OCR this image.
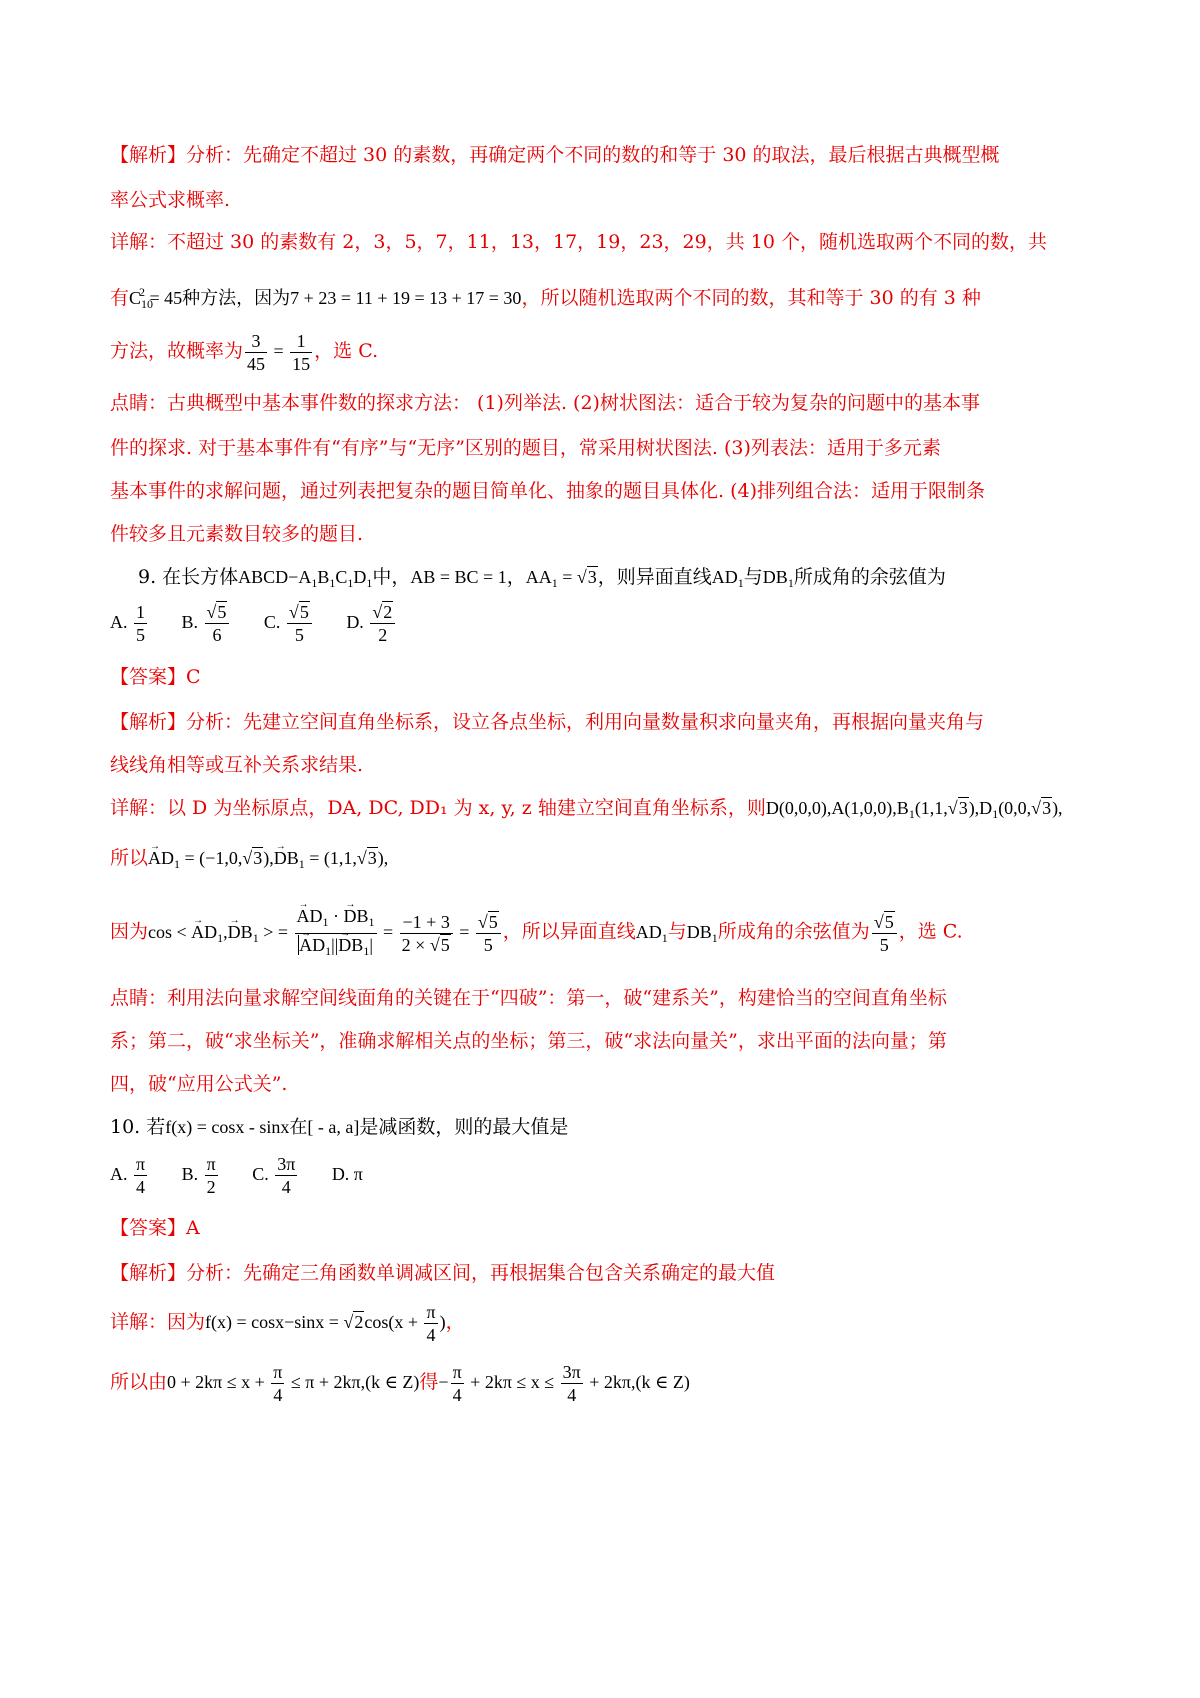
【解析】分析：先确定不超过 30 的素数，再确定两个不同的数的和等于 30 的取法，最后根据古典概型概
率公式求概率.
详解：不超过 30 的素数有 2，3，5，7，11，13，17，19，23，29，共 10 个，随机选取两个不同的数，共
有$C_{10}^2 = 45$种方法，因为7 + 23 = 11 + 19 = 13 + 17 = 30，所以随机选取两个不同的数，其和等于 30 的有 3 种
方法，故概率为 $\frac{3}{45} = \frac{1}{15}$ ，选 C.
点睛：古典概型中基本事件数的探求方法： (1)列举法. (2)树状图法：适合于较为复杂的问题中的基本事
件的探求. 对于基本事件有“有序”与“无序”区别的题目，常采用树状图法. (3)列表法：适用于多元素
基本事件的求解问题，通过列表把复杂的题目简单化、抽象的题目具体化. (4)排列组合法：适用于限制条
件较多且元素数目较多的题目.
9. 在长方体$ABCD-A_1B_1C_1D_1$中，AB = BC = 1，$AA_1 = √3$，则异面直线$AD_1$与$DB_1$所成角的余弦值为
A. $\frac{1}{5} B$. $\frac{√5}{6} C$. $\frac{√5}{5} D$. $\frac{√2}{2}$
【答案】C
【解析】分析：先建立空间直角坐标系，设立各点坐标，利用向量数量积求向量夹角，再根据向量夹角与
线线角相等或互补关系求结果.
详解：以 D 为坐标原点，DA, DC, DD₁ 为 x, y, z 轴建立空间直角坐标系，则$D(0,0,0),A(1,0,0),B_1(1,1,√3),D_1(0,0,√3)$,
所以→ $AD_1 = (-1,0,√3),\to DB_1 = (1,1,√3)$,
因为cos < → $AD_1,\to DB_1$ > =
→ $AD_1$ · → $DB_1$
→ $AD_1||\to DB_1| = \frac{-1 + 3}{2 \times √5} = \frac{√5}{5}$ ，所以异面直线$AD_1$与$DB_1$所成角的余弦值为 $\frac{√5}{5}$ ，选 C.
点睛：利用法向量求解空间线面角的关键在于“四破”：第一，破“建系关”，构建恰当的空间直角坐标
系；第二，破“求坐标关”，准确求解相关点的坐标；第三，破“求法向量关”，求出平面的法向量；第
四，破“应用公式关”.
10. 若f(x) = cosx - sinx在[ - a, a]是减函数，则的最大值是
A. $\frac{\pi}{4} B$. $\frac{\pi}{2} C$. $\frac{3\pi}{4} D$. π
【答案】A
【解析】分析：先确定三角函数单调减区间，再根据集合包含关系确定的最大值
详解：因为$f(x) = \cos x-\sin x = √2\cos(x + \frac{\pi}{4}$ )，
所以由$0 + 2k\pi \le x + \frac{\pi}{4} \le \pi + 2k\pi,(k$ ∈ Z)得− $\frac{\pi}{4} + 2k\pi \le x \le \frac{3\pi}{4} + 2k\pi,(k$ ∈ Z)
